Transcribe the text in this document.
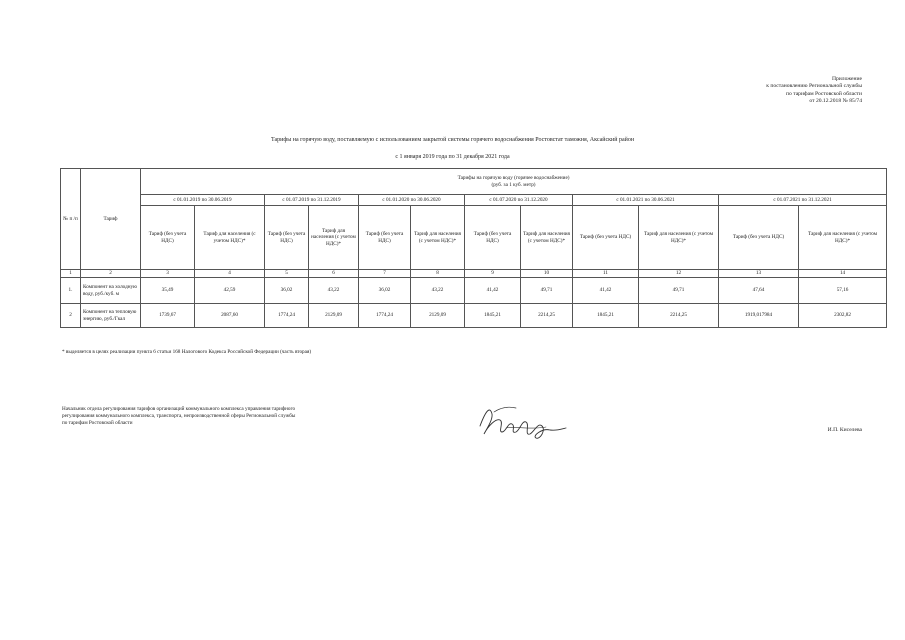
Приложение
к постановлению Региональной службы
по тарифам Ростовской области
от 20.12.2018 № 85/74
Тарифы на горячую воду, поставляемую с использованием закрытой системы горячего водоснабжения Ростовстат таможня, Аксайский район
с 1 января 2019 года по 31 декабря 2021 года
№ п /п	Тариф	Тарифы на горячую воду (горячее водоснабжение)
(руб. за 1 куб. метр)											

		с 01.01.2019 по 30.06.2019		с 01.07.2019 по 31.12.2019		с 01.01.2020 по 30.06.2020		с 01.07.2020 по 31.12.2020		с 01.01.2021 по 30.06.2021		с 01.07.2021 по 31.12.2021	
		Тариф (без учета НДС)	Тариф для населения (с учетом НДС)*	Тариф (без учета НДС)	Тариф для населения (с учетом НДС)*	Тариф (без учета НДС)	Тариф для населения (с учетом НДС)*	Тариф (без учета НДС)	Тариф для населения (с учетом НДС)*	Тариф (без учета НДС)	Тариф для населения (с учетом НДС)*	Тариф (без учета НДС)	Тариф для населения (с учетом НДС)*
1	2	3	4	5	6	7	8	9	10	11	12	13	14
1.	Компонент на холодную воду, руб./куб. м	35,49	42,59	36,02	43,22	36,02	43,22	41,42	49,71	41,42	49,71	47,64	57,16
2	Компонент на тепловую энергию, руб./Гкал	1739,67	2087,60	1774,24	2129,09	1774,24	2129,09	1845,21	2214,25	1845,21	2214,25	1919,017984	2302,82
* выделяется в целях реализации пункта 6 статьи 168 Налогового Кодекса Российской Федерации (часть вторая)
Начальник отдела регулирования тарифов организаций коммунального комплекса управления тарифного
регулирования коммунального комплекса, транспорта, непроизводственной сферы Региональной службы
по тарифам Ростовской области
И.П. Киселева
